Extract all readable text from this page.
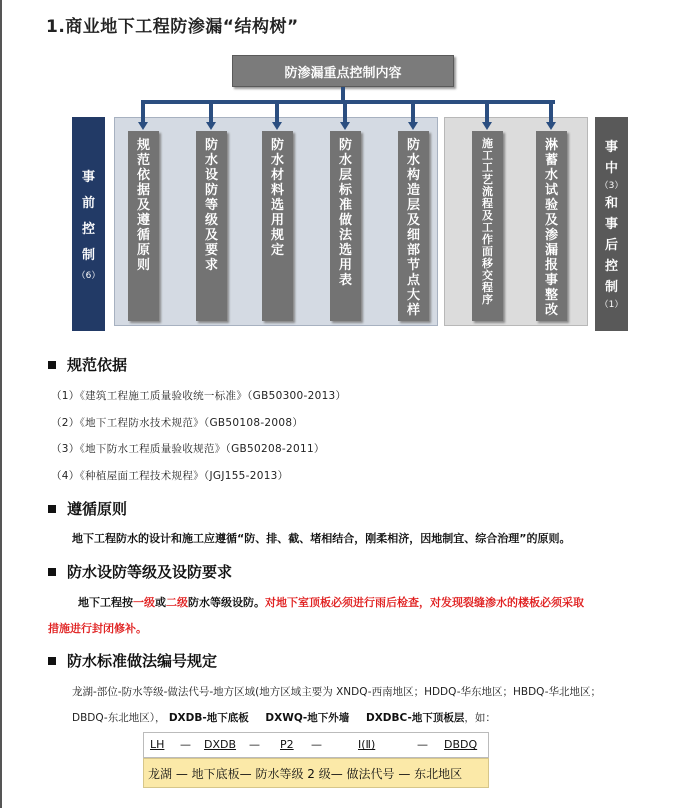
1.商业地下工程防渗漏“结构树”
防渗漏重点控制内容
事
前
控
制
（6）
事
中
（3）
和
事
后
控
制
（1）
规
范
依
据
及
遵
循
原
则
防
水
设
防
等
级
及
要
求
防
水
材
料
选
用
规
定
防
水
层
标
准
做
法
选
用
表
防
水
构
造
层
及
细
部
节
点
大
样
施
工
工
艺
流
程
及
工
作
面
移
交
程
序
淋
蓄
水
试
验
及
渗
漏
报
事
整
改
规范依据
（1）《建筑工程施工质量验收统一标准》（GB50300-2013）
（2）《地下工程防水技术规范》（GB50108-2008）
（3）《地下防水工程质量验收规范》（GB50208-2011）
（4）《种植屋面工程技术规程》（JGJ155-2013）
遵循原则
地下工程防水的设计和施工应遵循“防、排、截、堵相结合，刚柔相济，因地制宜、综合治理”的原则。
防水设防等级及设防要求
地下工程按一级或二级防水等级设防。对地下室顶板必须进行雨后检查，对发现裂缝渗水的楼板必须采取
措施进行封闭修补。
防水标准做法编号规定
龙湖-部位-防水等级-做法代号-地方区域(地方区域主要为 XNDQ-西南地区；HDDQ-华东地区；HBDQ-华北地区；
DBDQ-东北地区）， DXDB-地下底板 DXWQ-地下外墙 DXDBC-地下顶板层，如：
LH — DXDB — P2 —	Ⅰ(Ⅱ)	— DBDQ
龙湖 — 地下底板— 防水等级 2 级— 做法代号 — 东北地区
